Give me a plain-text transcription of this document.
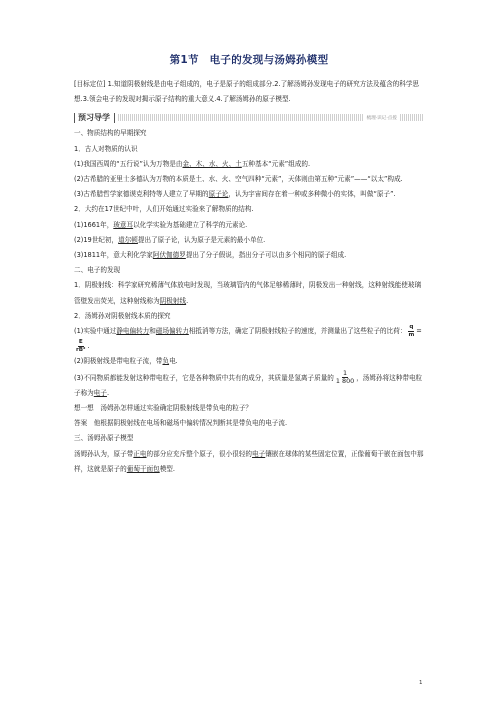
第1节　电子的发现与汤姆孙模型

[目标定位] 1.知道阴极射线是由电子组成的，电子是原子的组成部分.2.了解汤姆孙发现电子的研究方法及蕴含的科学思想.3.领会电子的发现对揭示原子结构的重大意义.4.了解汤姆孙的原子模型.

预习导学	梳理·识记·点拨

一、物质结构的早期探究

1．古人对物质的认识

(1)我国西周的“五行说”认为万物是由金、木、水、火、土五种基本“元素”组成的.

(2)古希腊的亚里士多德认为万物的本质是土、水、火、空气四种“元素”，天体则由第五种“元素”——“以太”构成.

(3)古希腊哲学家德谟克利特等人建立了早期的原子论，认为宇宙间存在着一种或多种微小的实体，叫做“原子”.

2．大约在17世纪中叶，人们开始通过实验来了解物质的结构.

(1)1661年，玻意耳以化学实验为基础建立了科学的元素论.

(2)19世纪初，道尔顿提出了原子论，认为原子是元素的最小单位.

(3)1811年，意大利化学家阿伏伽德罗提出了分子假说，指出分子可以由多个相同的原子组成.

二、电子的发现

1．阴极射线：科学家研究稀薄气体放电时发现，当玻璃管内的气体足够稀薄时，阴极发出一种射线，这种射线能使玻璃管壁发出荧光，这种射线称为阴极射线.

2．汤姆孙对阴极射线本质的探究

(1)实验中通过静电偏转力和磁场偏转力相抵消等方法，确定了阴极射线粒子的速度，并测量出了这些粒子的比荷： $\frac{q}{m}$ =
$\frac{E}{\text{rB²}}$ .

(2)阴极射线是带电粒子流，带负电.

(3)不同物质都能发射这种带电粒子，它是各种物质中共有的成分，其质量是氢离子质量的 $\frac{1}{1 800}$ ，汤姆孙将这种带电粒子称为电子.

想一想　汤姆孙怎样通过实验确定阴极射线是带负电的粒子？

答案　他根据阴极射线在电场和磁场中偏转情况判断其是带负电的电子流.

三、汤姆孙原子模型

汤姆孙认为，原子带正电的部分应充斥整个原子，很小很轻的电子镶嵌在球体的某些固定位置，正像葡萄干嵌在面包中那样，这就是原子的葡萄干面包模型.

1
